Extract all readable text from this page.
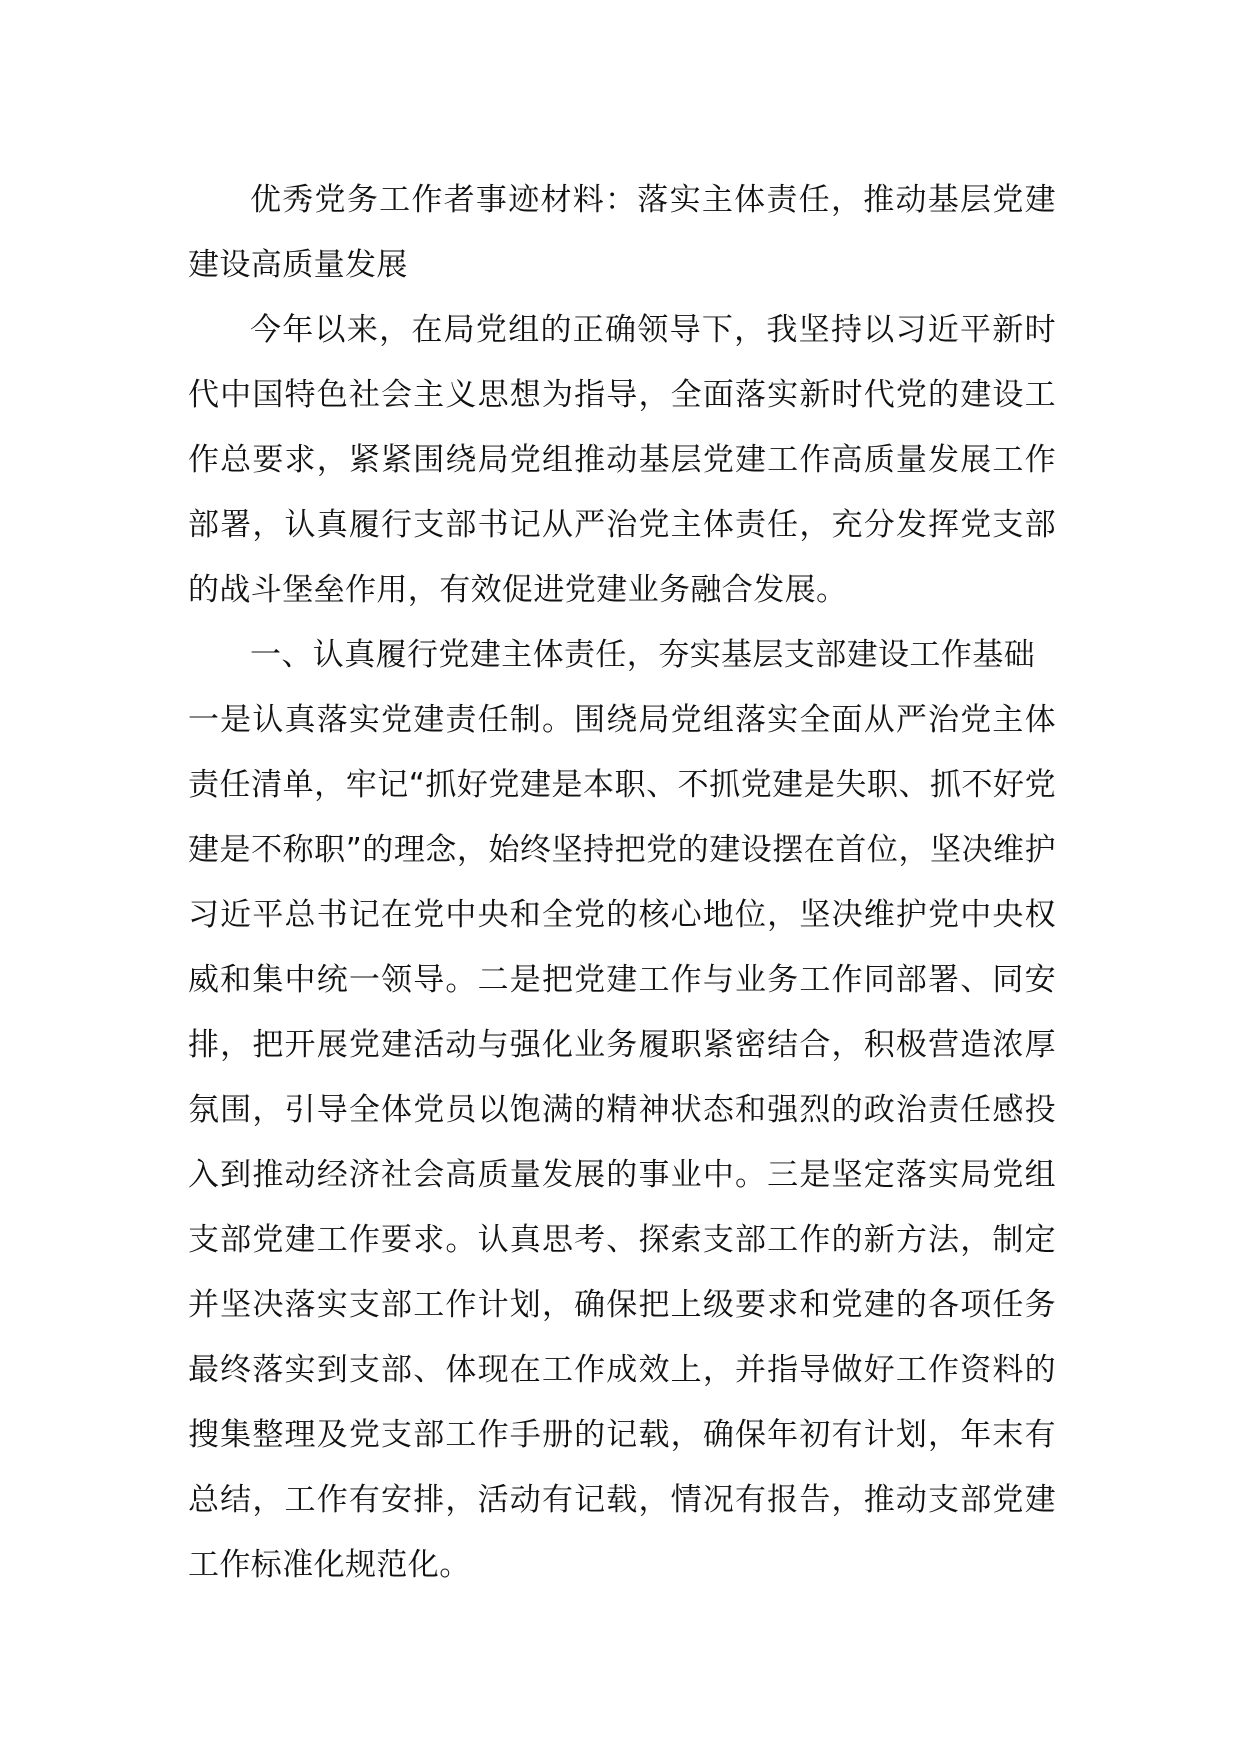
优秀党务工作者事迹材料：落实主体责任，推动基层党建建设高质量发展

今年以来，在局党组的正确领导下，我坚持以习近平新时代中国特色社会主义思想为指导，全面落实新时代党的建设工作总要求，紧紧围绕局党组推动基层党建工作高质量发展工作部署，认真履行支部书记从严治党主体责任，充分发挥党支部的战斗堡垒作用，有效促进党建业务融合发展。

一、认真履行党建主体责任，夯实基层支部建设工作基础

一是认真落实党建责任制。围绕局党组落实全面从严治党主体责任清单，牢记“抓好党建是本职、不抓党建是失职、抓不好党建是不称职”的理念，始终坚持把党的建设摆在首位，坚决维护习近平总书记在党中央和全党的核心地位，坚决维护党中央权威和集中统一领导。二是把党建工作与业务工作同部署、同安排，把开展党建活动与强化业务履职紧密结合，积极营造浓厚氛围，引导全体党员以饱满的精神状态和强烈的政治责任感投入到推动经济社会高质量发展的事业中。三是坚定落实局党组支部党建工作要求。认真思考、探索支部工作的新方法，制定并坚决落实支部工作计划，确保把上级要求和党建的各项任务最终落实到支部、体现在工作成效上，并指导做好工作资料的搜集整理及党支部工作手册的记载，确保年初有计划，年末有总结，工作有安排，活动有记载，情况有报告，推动支部党建工作标准化规范化。
